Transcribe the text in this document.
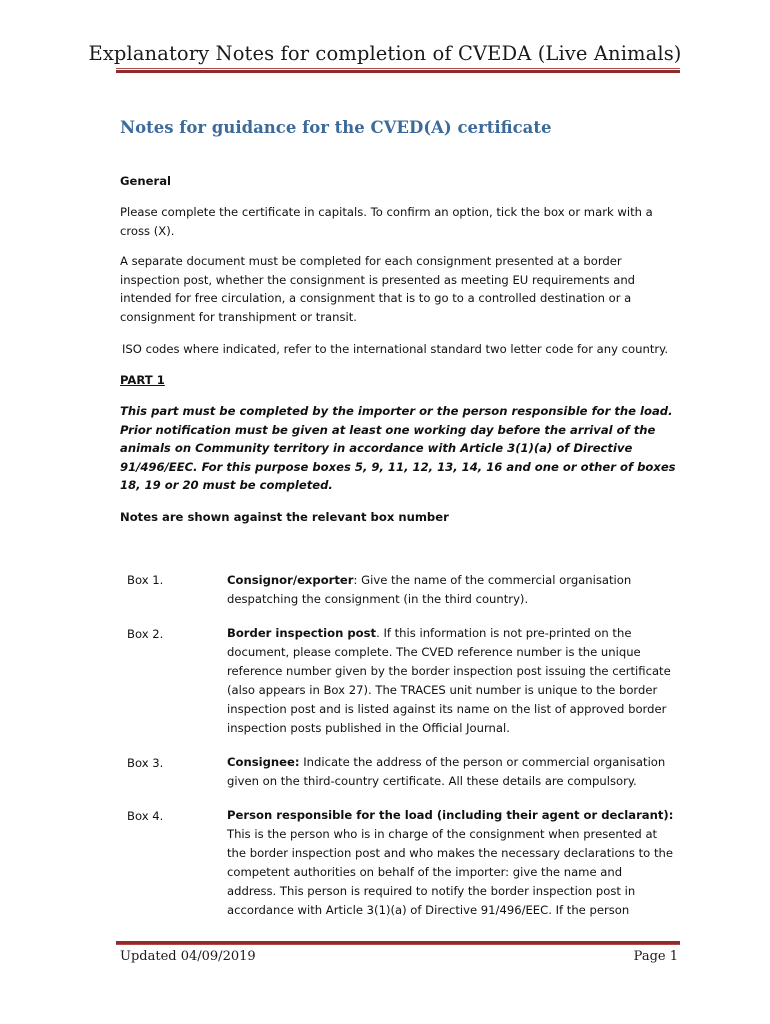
Explanatory Notes for completion of CVEDA (Live Animals)
Notes for guidance for the CVED(A) certificate
General
Please complete the certificate in capitals. To confirm an option, tick the box or mark with a cross (X).
A separate document must be completed for each consignment presented at a border inspection post, whether the consignment is presented as meeting EU requirements and intended for free circulation, a consignment that is to go to a controlled destination or a consignment for transhipment or transit.
ISO codes where indicated, refer to the international standard two letter code for any country.
PART 1
This part must be completed by the importer or the person responsible for the load. Prior notification must be given at least one working day before the arrival of the animals on Community territory in accordance with Article 3(1)(a) of Directive 91/496/EEC. For this purpose boxes 5, 9, 11, 12, 13, 14, 16 and one or other of boxes 18, 19 or 20 must be completed.
Notes are shown against the relevant box number
Box 1.	Consignor/exporter: Give the name of the commercial organisation despatching the consignment (in the third country).
Box 2.	Border inspection post. If this information is not pre-printed on the document, please complete. The CVED reference number is the unique reference number given by the border inspection post issuing the certificate (also appears in Box 27). The TRACES unit number is unique to the border inspection post and is listed against its name on the list of approved border inspection posts published in the Official Journal.
Box 3.	Consignee: Indicate the address of the person or commercial organisation given on the third-country certificate. All these details are compulsory.
Box 4.	Person responsible for the load (including their agent or declarant): This is the person who is in charge of the consignment when presented at the border inspection post and who makes the necessary declarations to the competent authorities on behalf of the importer: give the name and address. This person is required to notify the border inspection post in accordance with Article 3(1)(a) of Directive 91/496/EEC. If the person
Updated 04/09/2019	Page 1
